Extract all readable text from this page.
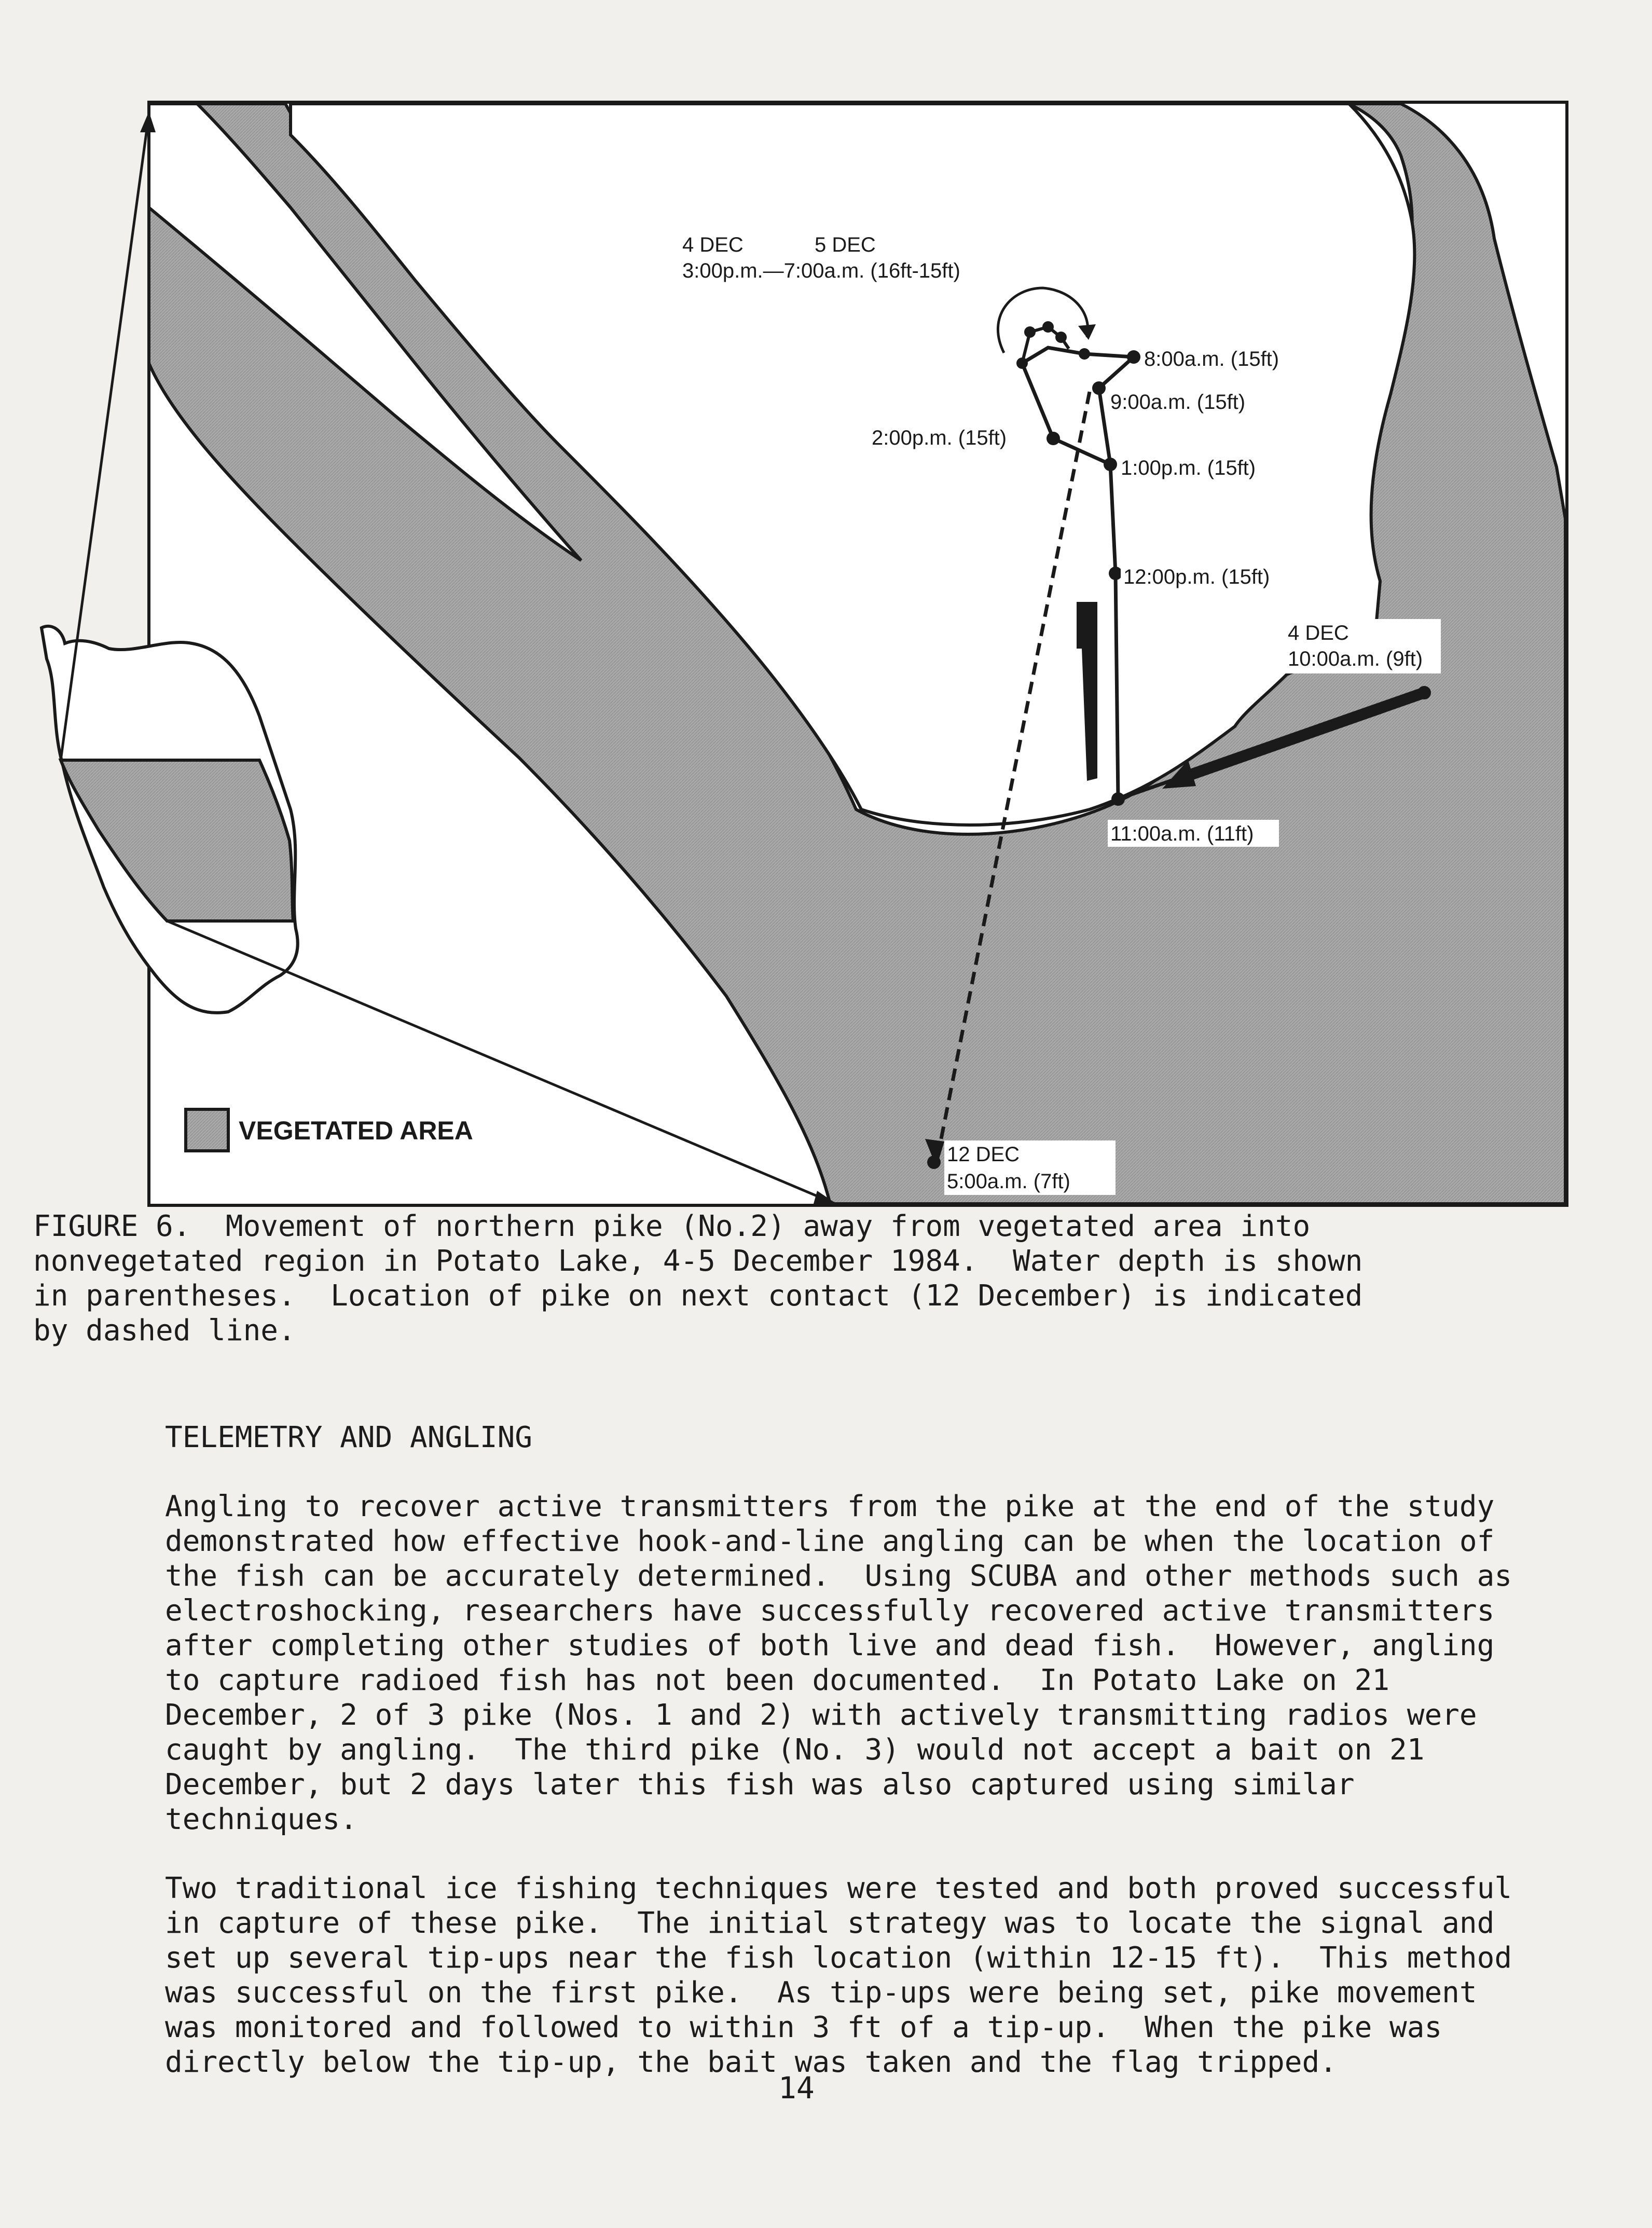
VEGETATED AREA
4 DEC	5 DEC
3:00p.m.—7:00a.m. (16ft-15ft)
8:00a.m. (15ft)
9:00a.m. (15ft)
2:00p.m. (15ft)
1:00p.m. (15ft)
12:00p.m. (15ft)
4 DEC
10:00a.m. (9ft)
11:00a.m. (11ft)
12 DEC
5:00a.m. (7ft)
FIGURE 6.  Movement of northern pike (No.2) away from vegetated area into
nonvegetated region in Potato Lake, 4-5 December 1984.  Water depth is shown
in parentheses.  Location of pike on next contact (12 December) is indicated
by dashed line.
TELEMETRY AND ANGLING
Angling to recover active transmitters from the pike at the end of the study
demonstrated how effective hook-and-line angling can be when the location of
the fish can be accurately determined.  Using SCUBA and other methods such as
electroshocking, researchers have successfully recovered active transmitters
after completing other studies of both live and dead fish.  However, angling
to capture radioed fish has not been documented.  In Potato Lake on 21
December, 2 of 3 pike (Nos. 1 and 2) with actively transmitting radios were
caught by angling.  The third pike (No. 3) would not accept a bait on 21
December, but 2 days later this fish was also captured using similar
techniques.
Two traditional ice fishing techniques were tested and both proved successful
in capture of these pike.  The initial strategy was to locate the signal and
set up several tip-ups near the fish location (within 12-15 ft).  This method
was successful on the first pike.  As tip-ups were being set, pike movement
was monitored and followed to within 3 ft of a tip-up.  When the pike was
directly below the tip-up, the bait was taken and the flag tripped.
14
